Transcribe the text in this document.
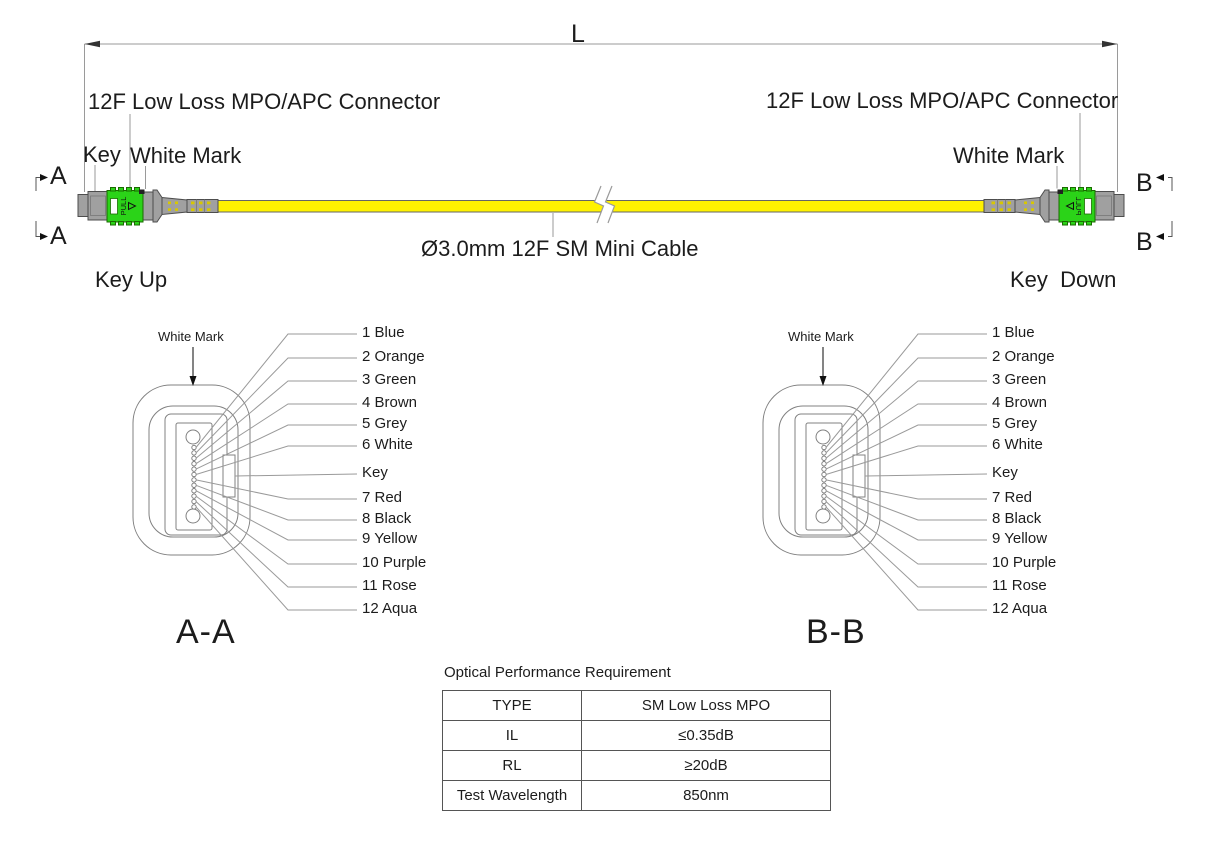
L
12F Low Loss MPO/APC Connector	12F Low Loss MPO/APC Connector
Key White Mark	White Mark
A
A
B
B
Key Up	Key  Down
Ø3.0mm 12F SM Mini Cable
White Mark	White Mark
1 Blue
2 Orange
3 Green
4 Brown
5 Grey
6 White
Key
7 Red
8 Black
9 Yellow
10 Purple
11 Rose
12 Aqua
1 Blue
2 Orange
3 Green
4 Brown
5 Grey
6 White
Key
7 Red
8 Black
9 Yellow
10 Purple
11 Rose
12 Aqua
A-A	B-B
Optical Performance Requirement
TYPE	SM Low Loss MPO
IL	≤0.35dB
RL	≥20dB
Test Wavelength	850nm
